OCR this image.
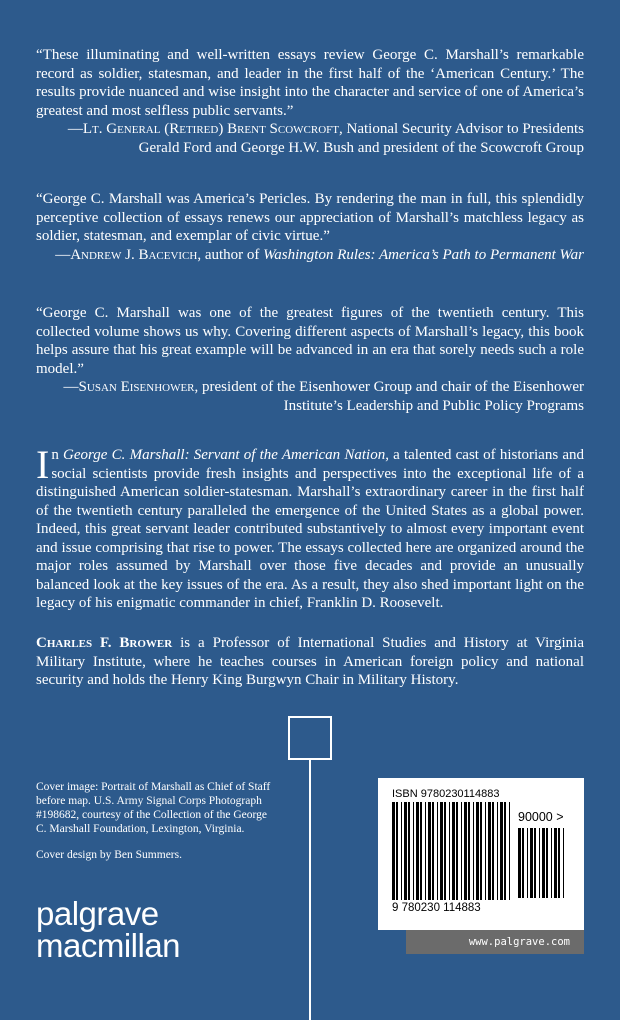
“These illuminating and well-written essays review George C. Marshall’s remarkable record as soldier, statesman, and leader in the first half of the ‘American Century.’ The results provide nuanced and wise insight into the character and service of one of America’s greatest and most selfless public servants.”
—Lt. General (Retired) Brent Scowcroft, National Security Advisor to Presidents Gerald Ford and George H.W. Bush and president of the Scowcroft Group
“George C. Marshall was America’s Pericles. By rendering the man in full, this splendidly perceptive collection of essays renews our appreciation of Marshall’s matchless legacy as soldier, statesman, and exemplar of civic virtue.”
—Andrew J. Bacevich, author of Washington Rules: America’s Path to Permanent War
“George C. Marshall was one of the greatest figures of the twentieth century. This collected volume shows us why. Covering different aspects of Marshall’s legacy, this book helps assure that his great example will be advanced in an era that sorely needs such a role model.”
—Susan Eisenhower, president of the Eisenhower Group and chair of the Eisenhower Institute’s Leadership and Public Policy Programs
In George C. Marshall: Servant of the American Nation, a talented cast of historians and social scientists provide fresh insights and perspectives into the exceptional life of a distinguished American soldier-statesman. Marshall’s extraordinary career in the first half of the twentieth century paralleled the emergence of the United States as a global power. Indeed, this great servant leader contributed substantively to almost every important event and issue comprising that rise to power. The essays collected here are organized around the major roles assumed by Marshall over those five decades and provide an unusually balanced look at the key issues of the era. As a result, they also shed important light on the legacy of his enigmatic commander in chief, Franklin D. Roosevelt.
Charles F. Brower is a Professor of International Studies and History at Virginia Military Institute, where he teaches courses in American foreign policy and national security and holds the Henry King Burgwyn Chair in Military History.

Cover image: Portrait of Marshall as Chief of Staff before map. U.S. Army Signal Corps Photograph #198682, courtesy of the Collection of the George C. Marshall Foundation, Lexington, Virginia.

Cover design by Ben Summers.

palgrave
macmillan
ISBN 9780230114883
90000 >
9 780230 114883
www.palgrave.com
